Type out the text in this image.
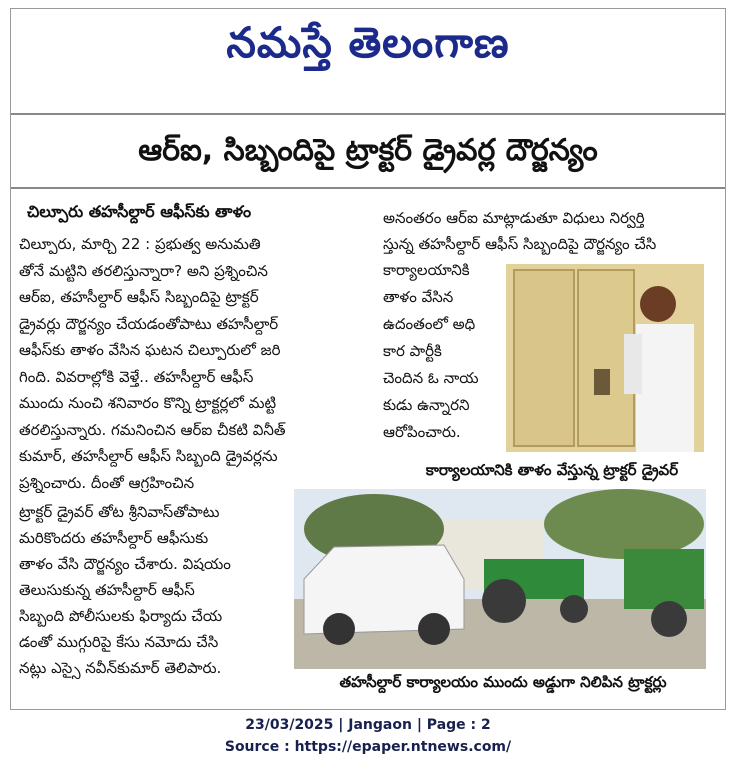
నమస్తే తెలంగాణ
ఆర్ఐ, సిబ్బందిపై ట్రాక్టర్ డ్రైవర్ల దౌర్జన్యం
చిల్పూరు తహసీల్దార్ ఆఫీస్‌కు తాళం
చిల్పూరు, మార్చి 22 : ప్రభుత్వ అనుమతి
తోనే మట్టిని తరలిస్తున్నారా? అని ప్రశ్నించిన
ఆర్ఐ, తహసీల్దార్ ఆఫీస్ సిబ్బందిపై ట్రాక్టర్
డ్రైవర్లు దౌర్జన్యం చేయడంతోపాటు తహసీల్దార్
ఆఫీస్‌కు తాళం వేసిన ఘటన చిల్పూరులో జరి
గింది. వివరాల్లోకి వెళ్తే.. తహసీల్దార్ ఆఫీస్
ముందు నుంచి శనివారం కొన్ని ట్రాక్టర్లలో మట్టి
తరలిస్తున్నారు. గమనించిన ఆర్ఐ చీకటి వినీత్
కుమార్, తహసీల్దార్ ఆఫీస్ సిబ్బంది డ్రైవర్లను
ప్రశ్నించారు. దీంతో ఆగ్రహించిన
ట్రాక్టర్ డ్రైవర్ తోట శ్రీనివాస్‌తోపాటు
మరికొందరు తహసీల్దార్ ఆఫీసుకు
తాళం వేసి దౌర్జన్యం చేశారు. విషయం
తెలుసుకున్న తహసీల్దార్ ఆఫీస్
సిబ్బంది పోలీసులకు ఫిర్యాదు చేయ
డంతో ముగ్గురిపై కేసు నమోదు చేసి
నట్లు ఎస్సై నవీన్‌కుమార్ తెలిపారు.
అనంతరం ఆర్ఐ మాట్లాడుతూ విధులు నిర్వర్తి
స్తున్న తహసీల్దార్ ఆఫీస్ సిబ్బందిపై దౌర్జన్యం చేసి
కార్యాలయానికి
తాళం వేసిన
ఉదంతంలో అధి
కార పార్టీకి
చెందిన ఓ నాయ
కుడు ఉన్నారని
ఆరోపించారు.
కార్యాలయానికి తాళం వేస్తున్న ట్రాక్టర్ డ్రైవర్
తహసీల్దార్ కార్యాలయం ముందు అడ్డుగా నిలిపిన ట్రాక్టర్లు
23/03/2025 | Jangaon | Page : 2
Source : https://epaper.ntnews.com/
